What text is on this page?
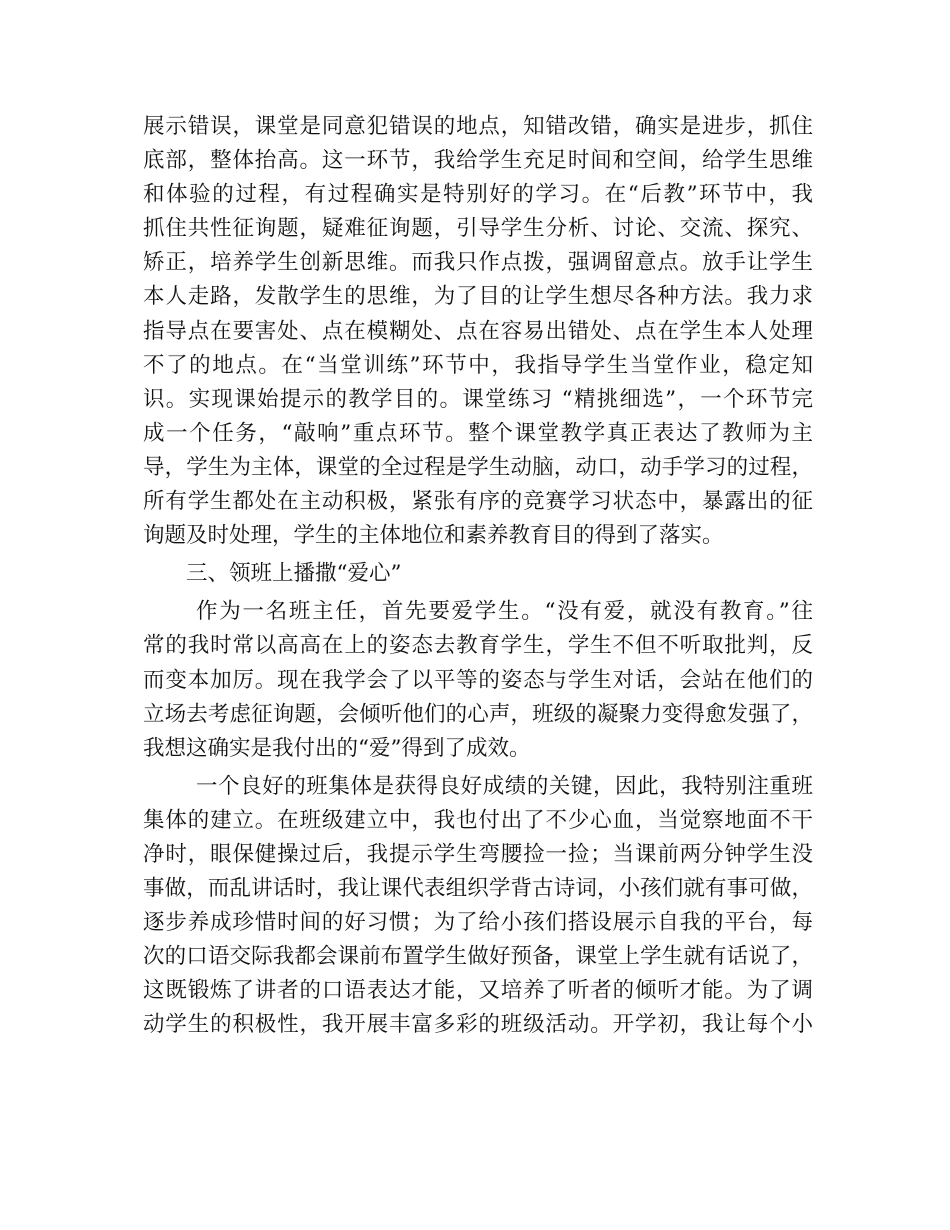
展示错误，课堂是同意犯错误的地点，知错改错，确实是进步，抓住
底部，整体抬高。这一环节，我给学生充足时间和空间，给学生思维
和体验的过程，有过程确实是特别好的学习。在“后教”环节中，我
抓住共性征询题，疑难征询题，引导学生分析、讨论、交流、探究、
矫正，培养学生创新思维。而我只作点拨，强调留意点。放手让学生
本人走路，发散学生的思维，为了目的让学生想尽各种方法。我力求
指导点在要害处、点在模糊处、点在容易出错处、点在学生本人处理
不了的地点。在“当堂训练”环节中，我指导学生当堂作业，稳定知
识。实现课始提示的教学目的。课堂练习 “精挑细选”，一个环节完
成一个任务，“敲响”重点环节。整个课堂教学真正表达了教师为主
导，学生为主体，课堂的全过程是学生动脑，动口，动手学习的过程，
所有学生都处在主动积极，紧张有序的竞赛学习状态中，暴露出的征
询题及时处理，学生的主体地位和素养教育目的得到了落实。
三、领班上播撒“爱心”
作为一名班主任，首先要爱学生。“没有爱，就没有教育。”往
常的我时常以高高在上的姿态去教育学生，学生不但不听取批判，反
而变本加厉。现在我学会了以平等的姿态与学生对话，会站在他们的
立场去考虑征询题，会倾听他们的心声，班级的凝聚力变得愈发强了，
我想这确实是我付出的“爱”得到了成效。
一个良好的班集体是获得良好成绩的关键，因此，我特别注重班
集体的建立。在班级建立中，我也付出了不少心血，当觉察地面不干
净时，眼保健操过后，我提示学生弯腰捡一捡；当课前两分钟学生没
事做，而乱讲话时，我让课代表组织学背古诗词，小孩们就有事可做，
逐步养成珍惜时间的好习惯；为了给小孩们搭设展示自我的平台，每
次的口语交际我都会课前布置学生做好预备，课堂上学生就有话说了，
这既锻炼了讲者的口语表达才能，又培养了听者的倾听才能。为了调
动学生的积极性，我开展丰富多彩的班级活动。开学初，我让每个小
